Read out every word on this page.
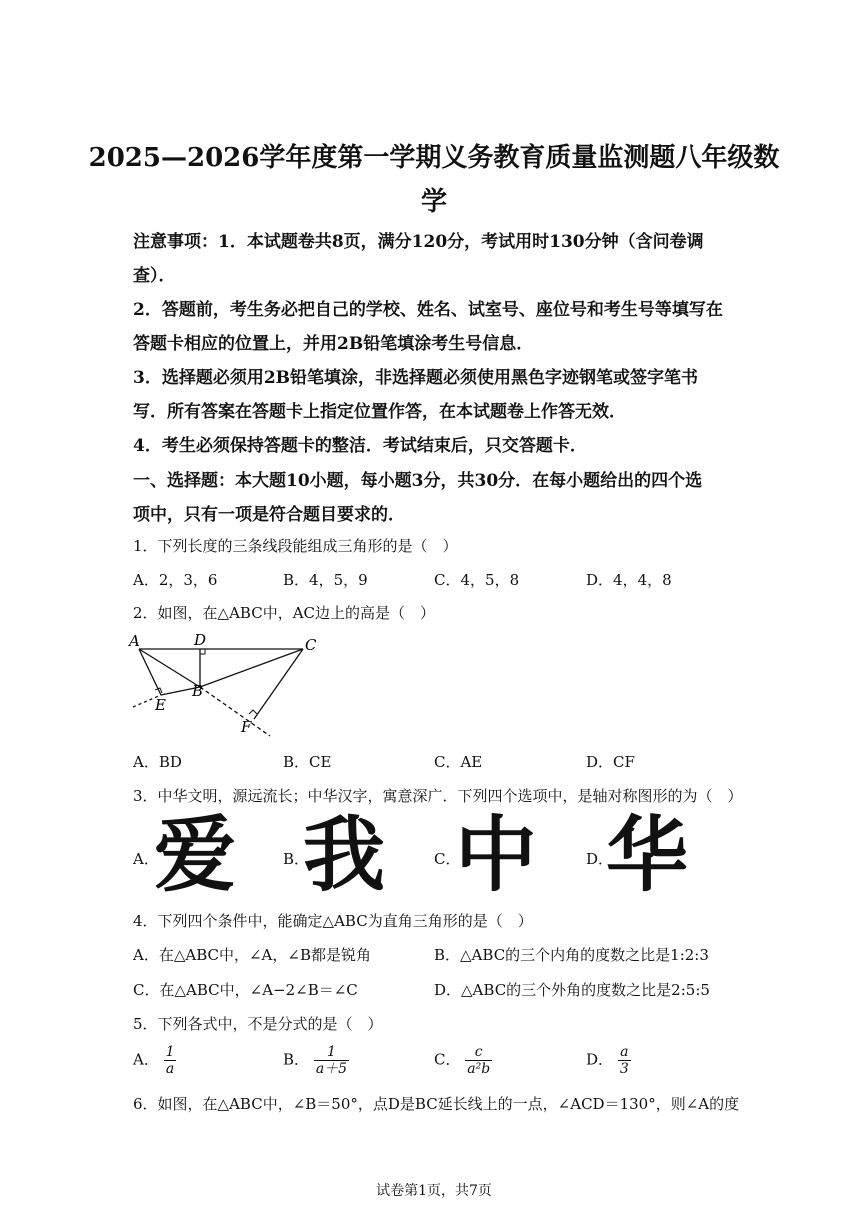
2025—2026学年度第一学期义务教育质量监测题八年级数
学
注意事项：1．本试题卷共8页，满分120分，考试用时130分钟（含问卷调
查）．
2．答题前，考生务必把自己的学校、姓名、试室号、座位号和考生号等填写在
答题卡相应的位置上，并用2B铅笔填涂考生号信息．
3．选择题必须用2B铅笔填涂，非选择题必须使用黑色字迹钢笔或签字笔书
写．所有答案在答题卡上指定位置作答，在本试题卷上作答无效．
4．考生必须保持答题卡的整洁．考试结束后，只交答题卡．
一、选择题：本大题10小题，每小题3分，共30分．在每小题给出的四个选
项中，只有一项是符合题目要求的．
1．下列长度的三条线段能组成三角形的是（　）
A．2，3，6	B．4，5，9	C．4，5，8	D．4，4，8
2．如图，在△ABC中，AC边上的高是（　）
A	D	C
B
E
F
A．BD	B．CE	C．AE	D．CF
3．中华文明，源远流长；中华汉字，寓意深广．下列四个选项中，是轴对称图形的为（　）
A．
爱	B．
我	C．
中	D．
华
4．下列四个条件中，能确定△ABC为直角三角形的是（　）
A．在△ABC中，∠A，∠B都是锐角	B．△ABC的三个内角的度数之比是1:2:3
C．在△ABC中，∠A−2∠B＝∠C	D．△ABC的三个外角的度数之比是2:5:5
5．下列各式中，不是分式的是（　）
A． $\frac{1}{a}$	B． $\frac{1}{a+5}$	C． $\frac{c}{\text{a²b}}$	D． $\frac{a}{3}$
6．如图，在△ABC中，∠B＝50°，点D是BC延长线上的一点，∠ACD＝130°，则∠A的度
试卷第1页，共7页
